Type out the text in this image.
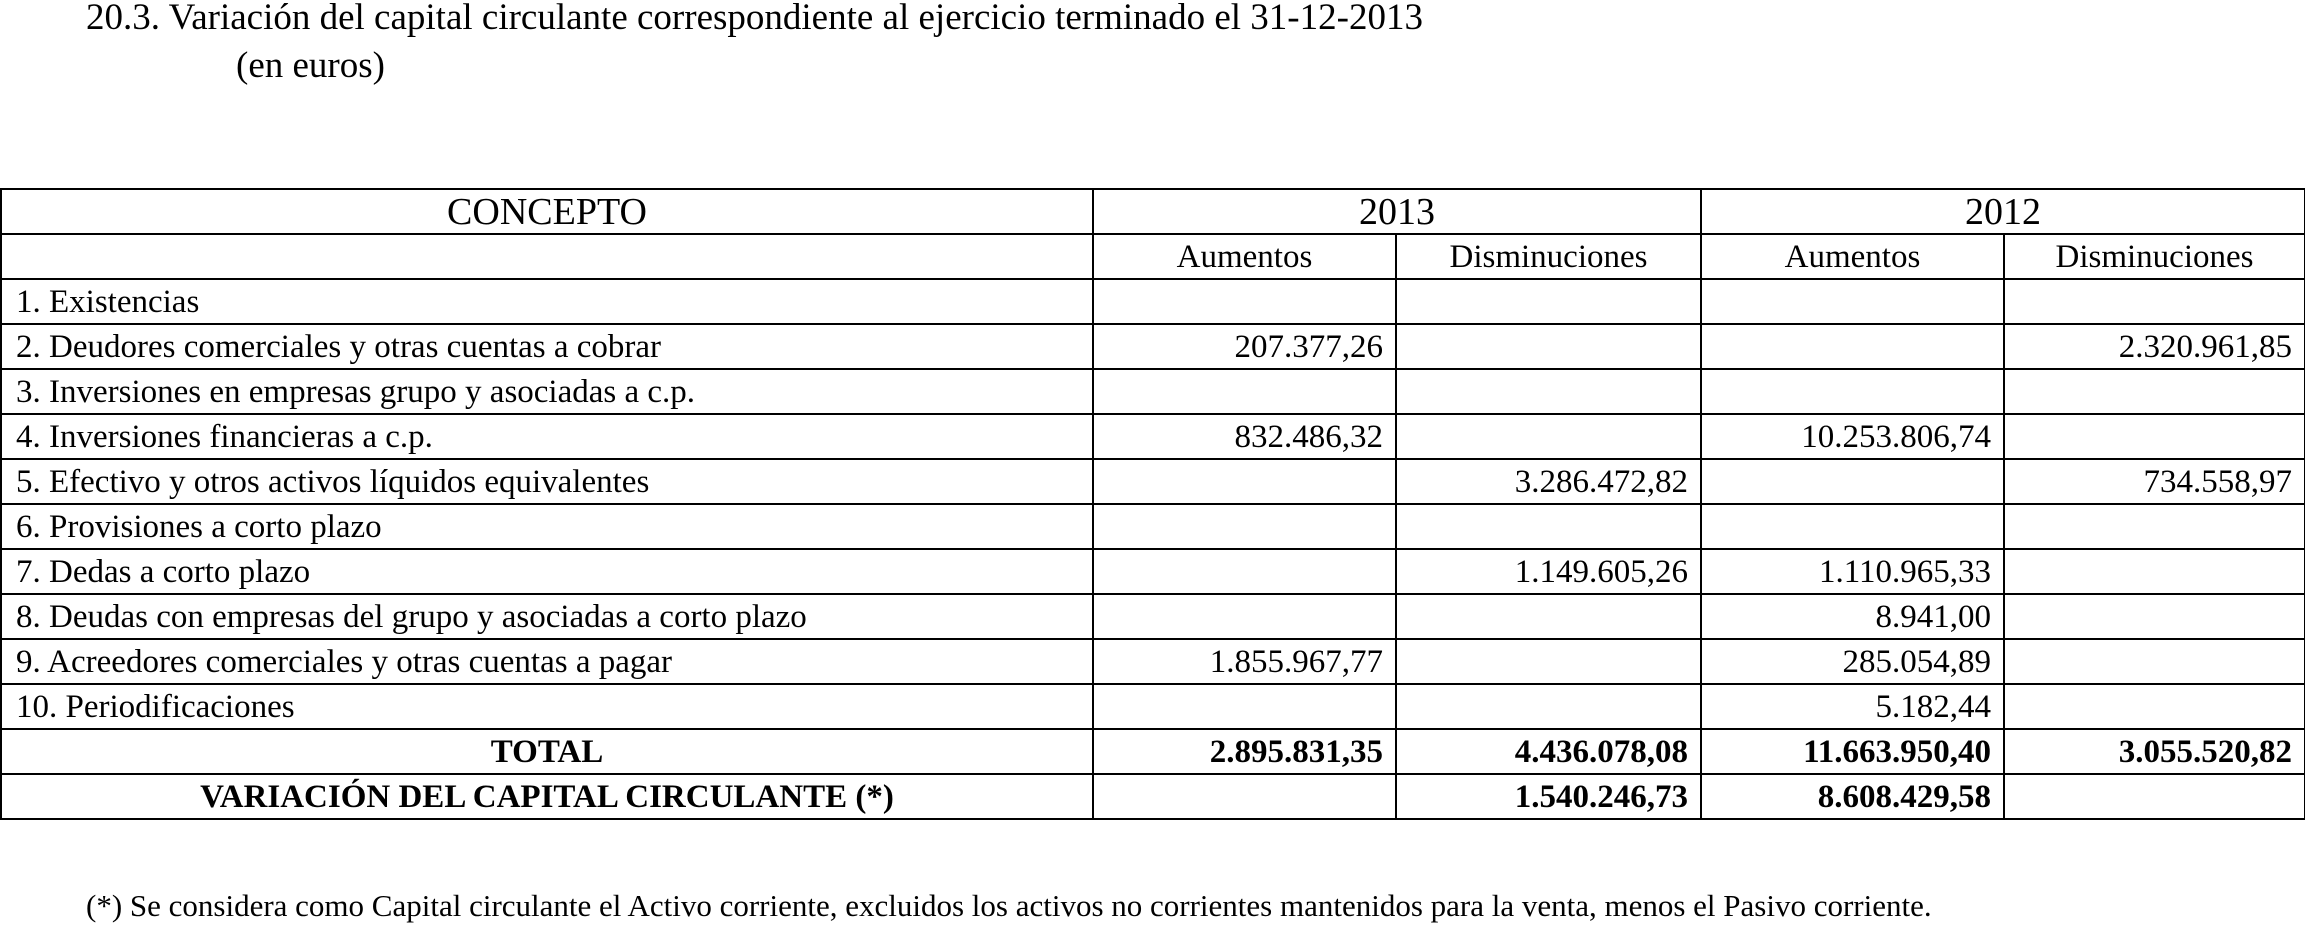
20.3. Variación del capital circulante correspondiente al ejercicio terminado el 31-12-2013

(en euros)

CONCEPTO	2013		2012	
	Aumentos	Disminuciones	Aumentos	Disminuciones
1. Existencias				
2. Deudores comerciales y otras cuentas a cobrar	207.377,26			2.320.961,85
3. Inversiones en empresas grupo y asociadas a c.p.				
4. Inversiones financieras a c.p.	832.486,32		10.253.806,74	
5. Efectivo y otros activos líquidos equivalentes		3.286.472,82		734.558,97
6. Provisiones a corto plazo				
7. Dedas a corto plazo		1.149.605,26	1.110.965,33	
8. Deudas con empresas del grupo y asociadas a corto plazo			8.941,00	
9. Acreedores comerciales y otras cuentas a pagar	1.855.967,77		285.054,89	
10. Periodificaciones			5.182,44	
TOTAL	2.895.831,35	4.436.078,08	11.663.950,40	3.055.520,82
VARIACIÓN DEL CAPITAL CIRCULANTE (*)		1.540.246,73	8.608.429,58	

(*) Se considera como Capital circulante el Activo corriente, excluidos los activos no corrientes mantenidos para la venta, menos el Pasivo corriente.
